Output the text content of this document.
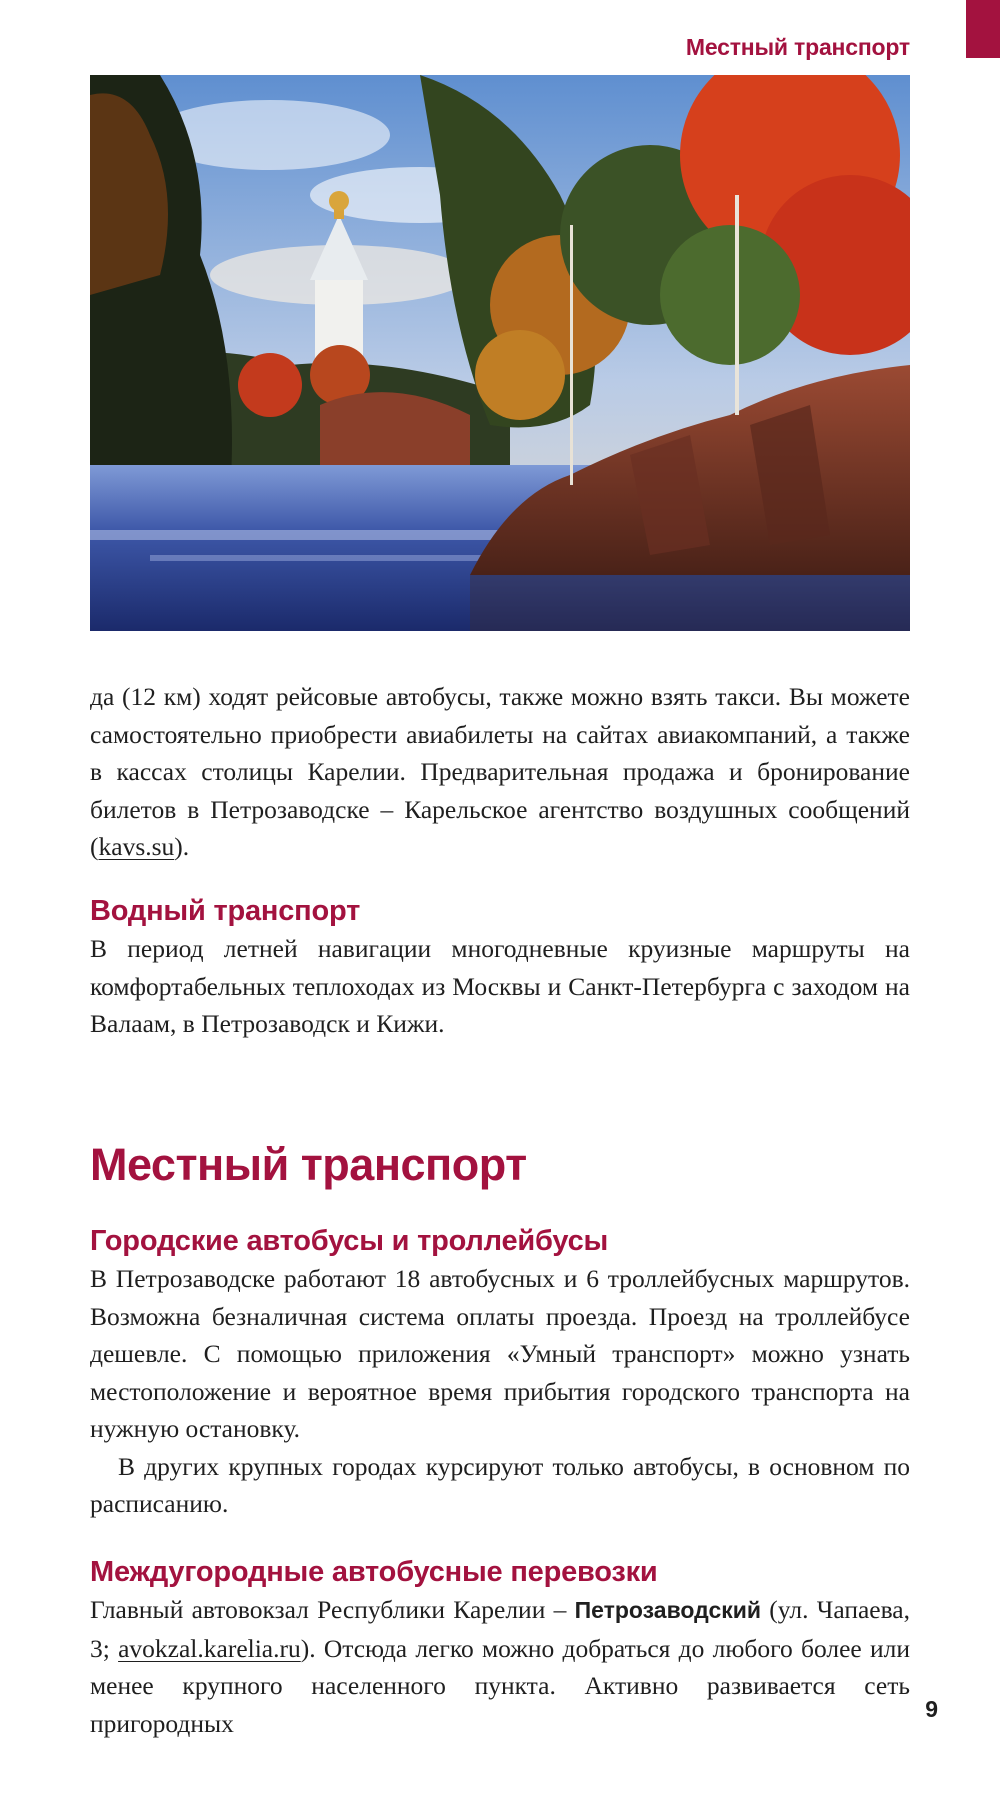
Местный транспорт

да (12 км) ходят рейсовые автобусы, также можно взять такси. Вы можете самостоятельно приобрести авиабилеты на сайтах авиакомпаний, а также в кассах столицы Карелии. Предварительная продажа и бронирование билетов в Петрозаводске – Карельское агентство воздушных сообщений (kavs.su).

Водный транспорт

В период летней навигации многодневные круизные маршруты на комфортабельных теплоходах из Москвы и Санкт-Петербурга с заходом на Валаам, в Петрозаводск и Кижи.

Местный транспорт
Городские автобусы и троллейбусы

В Петрозаводске работают 18 автобусных и 6 троллейбусных маршрутов. Возможна безналичная система оплаты проезда. Проезд на троллейбусе дешевле. С помощью приложения «Умный транспорт» можно узнать местоположение и вероятное время прибытия городского транспорта на нужную остановку.

В других крупных городах курсируют только автобусы, в основном по расписанию.

Междугородные автобусные перевозки

Главный автовокзал Республики Карелии – Петрозаводский (ул. Чапаева, 3; avokzal.karelia.ru). Отсюда легко можно добраться до любого более или менее крупного населенного пункта. Активно развивается сеть пригородных	9
